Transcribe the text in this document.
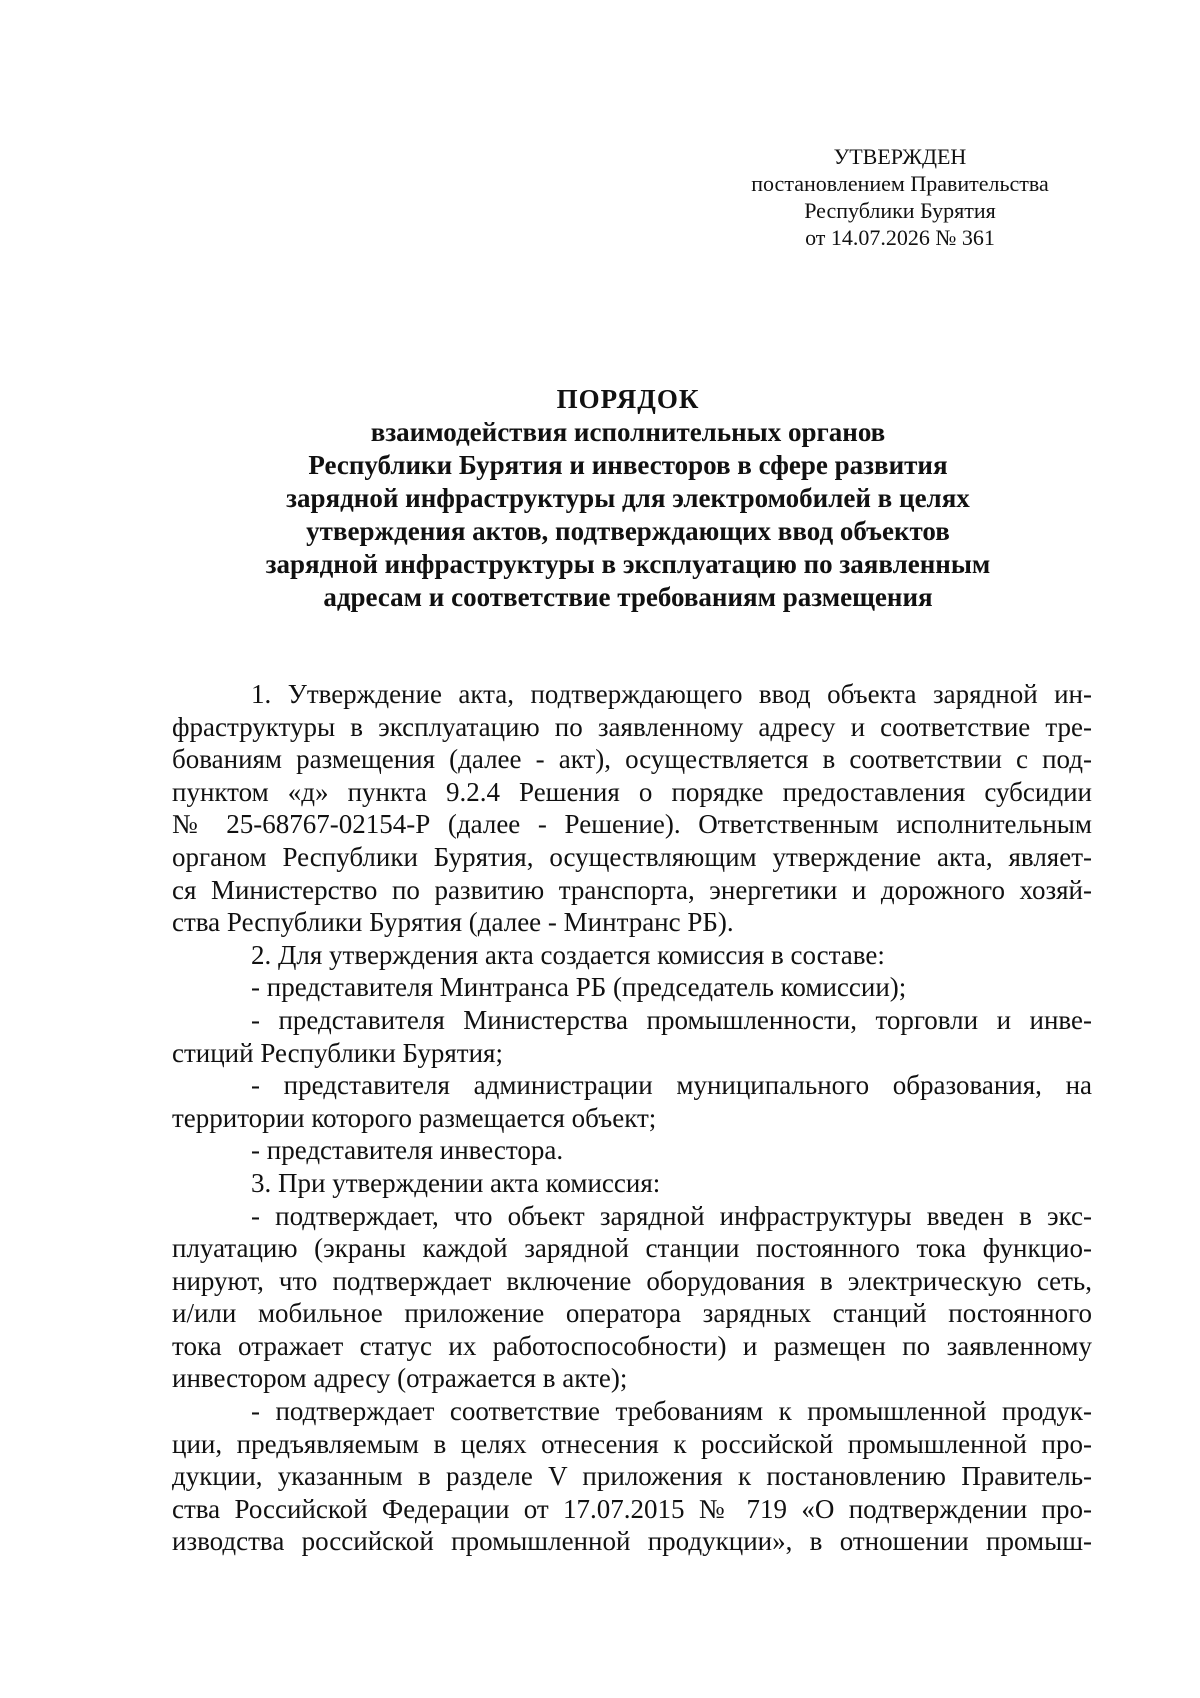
УТВЕРЖДЕН
постановлением Правительства
Республики Бурятия
от 14.07.2026 № 361
ПОРЯДОК
взаимодействия исполнительных органов
Республики Бурятия и инвесторов в сфере развития
зарядной инфраструктуры для электромобилей в целях
утверждения актов, подтверждающих ввод объектов
зарядной инфраструктуры в эксплуатацию по заявленным
адресам и соответствие требованиям размещения
1. Утверждение акта, подтверждающего ввод объекта зарядной ин-
фраструктуры в эксплуатацию по заявленному адресу и соответствие тре-
бованиям размещения (далее - акт), осуществляется в соответствии с под-
пунктом «д» пункта 9.2.4 Решения о порядке предоставления субсидии
№ 25-68767-02154-Р (далее - Решение). Ответственным исполнительным
органом Республики Бурятия, осуществляющим утверждение акта, являет-
ся Министерство по развитию транспорта, энергетики и дорожного хозяй-
ства Республики Бурятия (далее - Минтранс РБ).
2. Для утверждения акта создается комиссия в составе:
- представителя Минтранса РБ (председатель комиссии);
- представителя Министерства промышленности, торговли и инве-
стиций Республики Бурятия;
- представителя администрации муниципального образования, на
территории которого размещается объект;
- представителя инвестора.
3. При утверждении акта комиссия:
- подтверждает, что объект зарядной инфраструктуры введен в экс-
плуатацию (экраны каждой зарядной станции постоянного тока функцио-
нируют, что подтверждает включение оборудования в электрическую сеть,
и/или мобильное приложение оператора зарядных станций постоянного
тока отражает статус их работоспособности) и размещен по заявленному
инвестором адресу (отражается в акте);
- подтверждает соответствие требованиям к промышленной продук-
ции, предъявляемым в целях отнесения к российской промышленной про-
дукции, указанным в разделе V приложения к постановлению Правитель-
ства Российской Федерации от 17.07.2015 № 719 «О подтверждении про-
изводства российской промышленной продукции», в отношении промыш-
